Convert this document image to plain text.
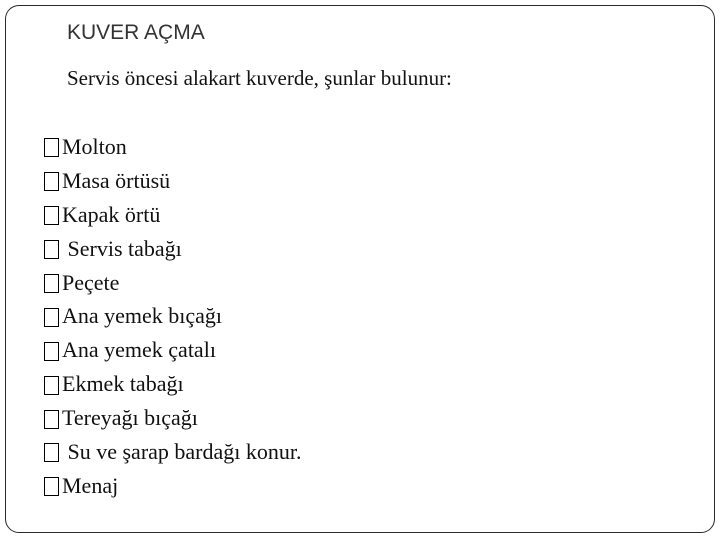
KUVER AÇMA
Servis öncesi alakart kuverde, şunlar bulunur:
Molton
Masa örtüsü
Kapak örtü
Servis tabağı
Peçete
Ana yemek bıçağı
Ana yemek çatalı
Ekmek tabağı
Tereyağı bıçağı
Su ve şarap bardağı konur.
Menaj
